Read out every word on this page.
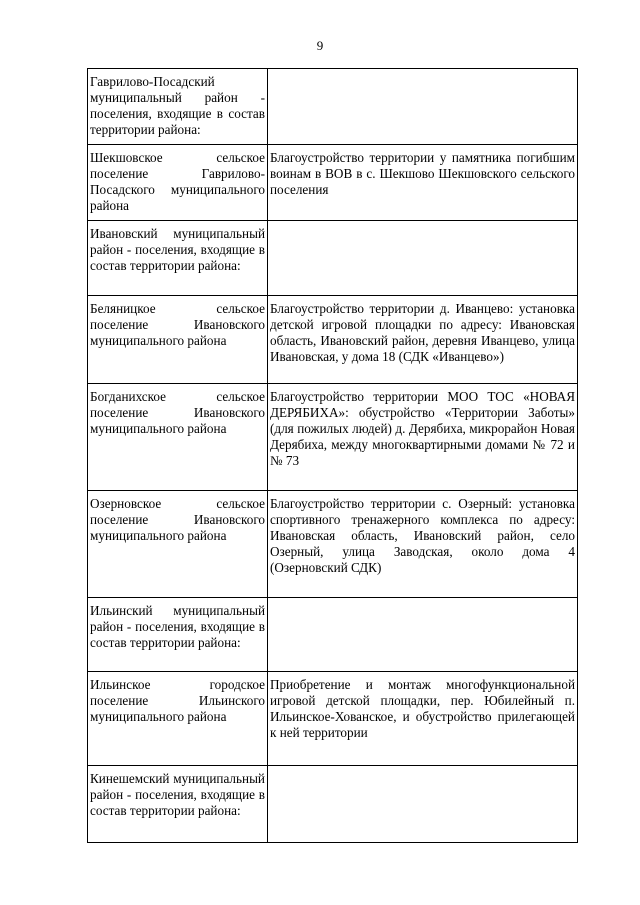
9
Гаврилово-Посадский муниципальный район - поселения, входящие в состав территории района:	
Шекшовское сельское поселение Гаврилово-Посадского муниципального района	Благоустройство территории у памятника погибшим воинам в ВОВ в с. Шекшово Шекшовского сельского поселения
Ивановский муниципальный район - поселения, входящие в состав территории района:	
Беляницкое сельское поселение Ивановского муниципального района	Благоустройство территории д. Иванцево: установка детской игровой площадки по адресу: Ивановская область, Ивановский район, деревня Иванцево, улица Ивановская, у дома 18 (СДК «Иванцево»)
Богданихское сельское поселение Ивановского муниципального района	Благоустройство территории МОО ТОС «НОВАЯ ДЕРЯБИХА»: обустройство «Территории Заботы» (для пожилых людей) д. Дерябиха, микрорайон Новая Дерябиха, между многоквартирными домами № 72 и № 73
Озерновское сельское поселение Ивановского муниципального района	Благоустройство территории с. Озерный: установка спортивного тренажерного комплекса по адресу: Ивановская область, Ивановский район, село Озерный, улица Заводская, около дома 4 (Озерновский СДК)
Ильинский муниципальный район - поселения, входящие в состав территории района:	
Ильинское городское поселение Ильинского муниципального района	Приобретение и монтаж многофункциональной игровой детской площадки, пер. Юбилейный п. Ильинское-Хованское, и обустройство прилегающей к ней территории
Кинешемский муниципальный район - поселения, входящие в состав территории района:	
